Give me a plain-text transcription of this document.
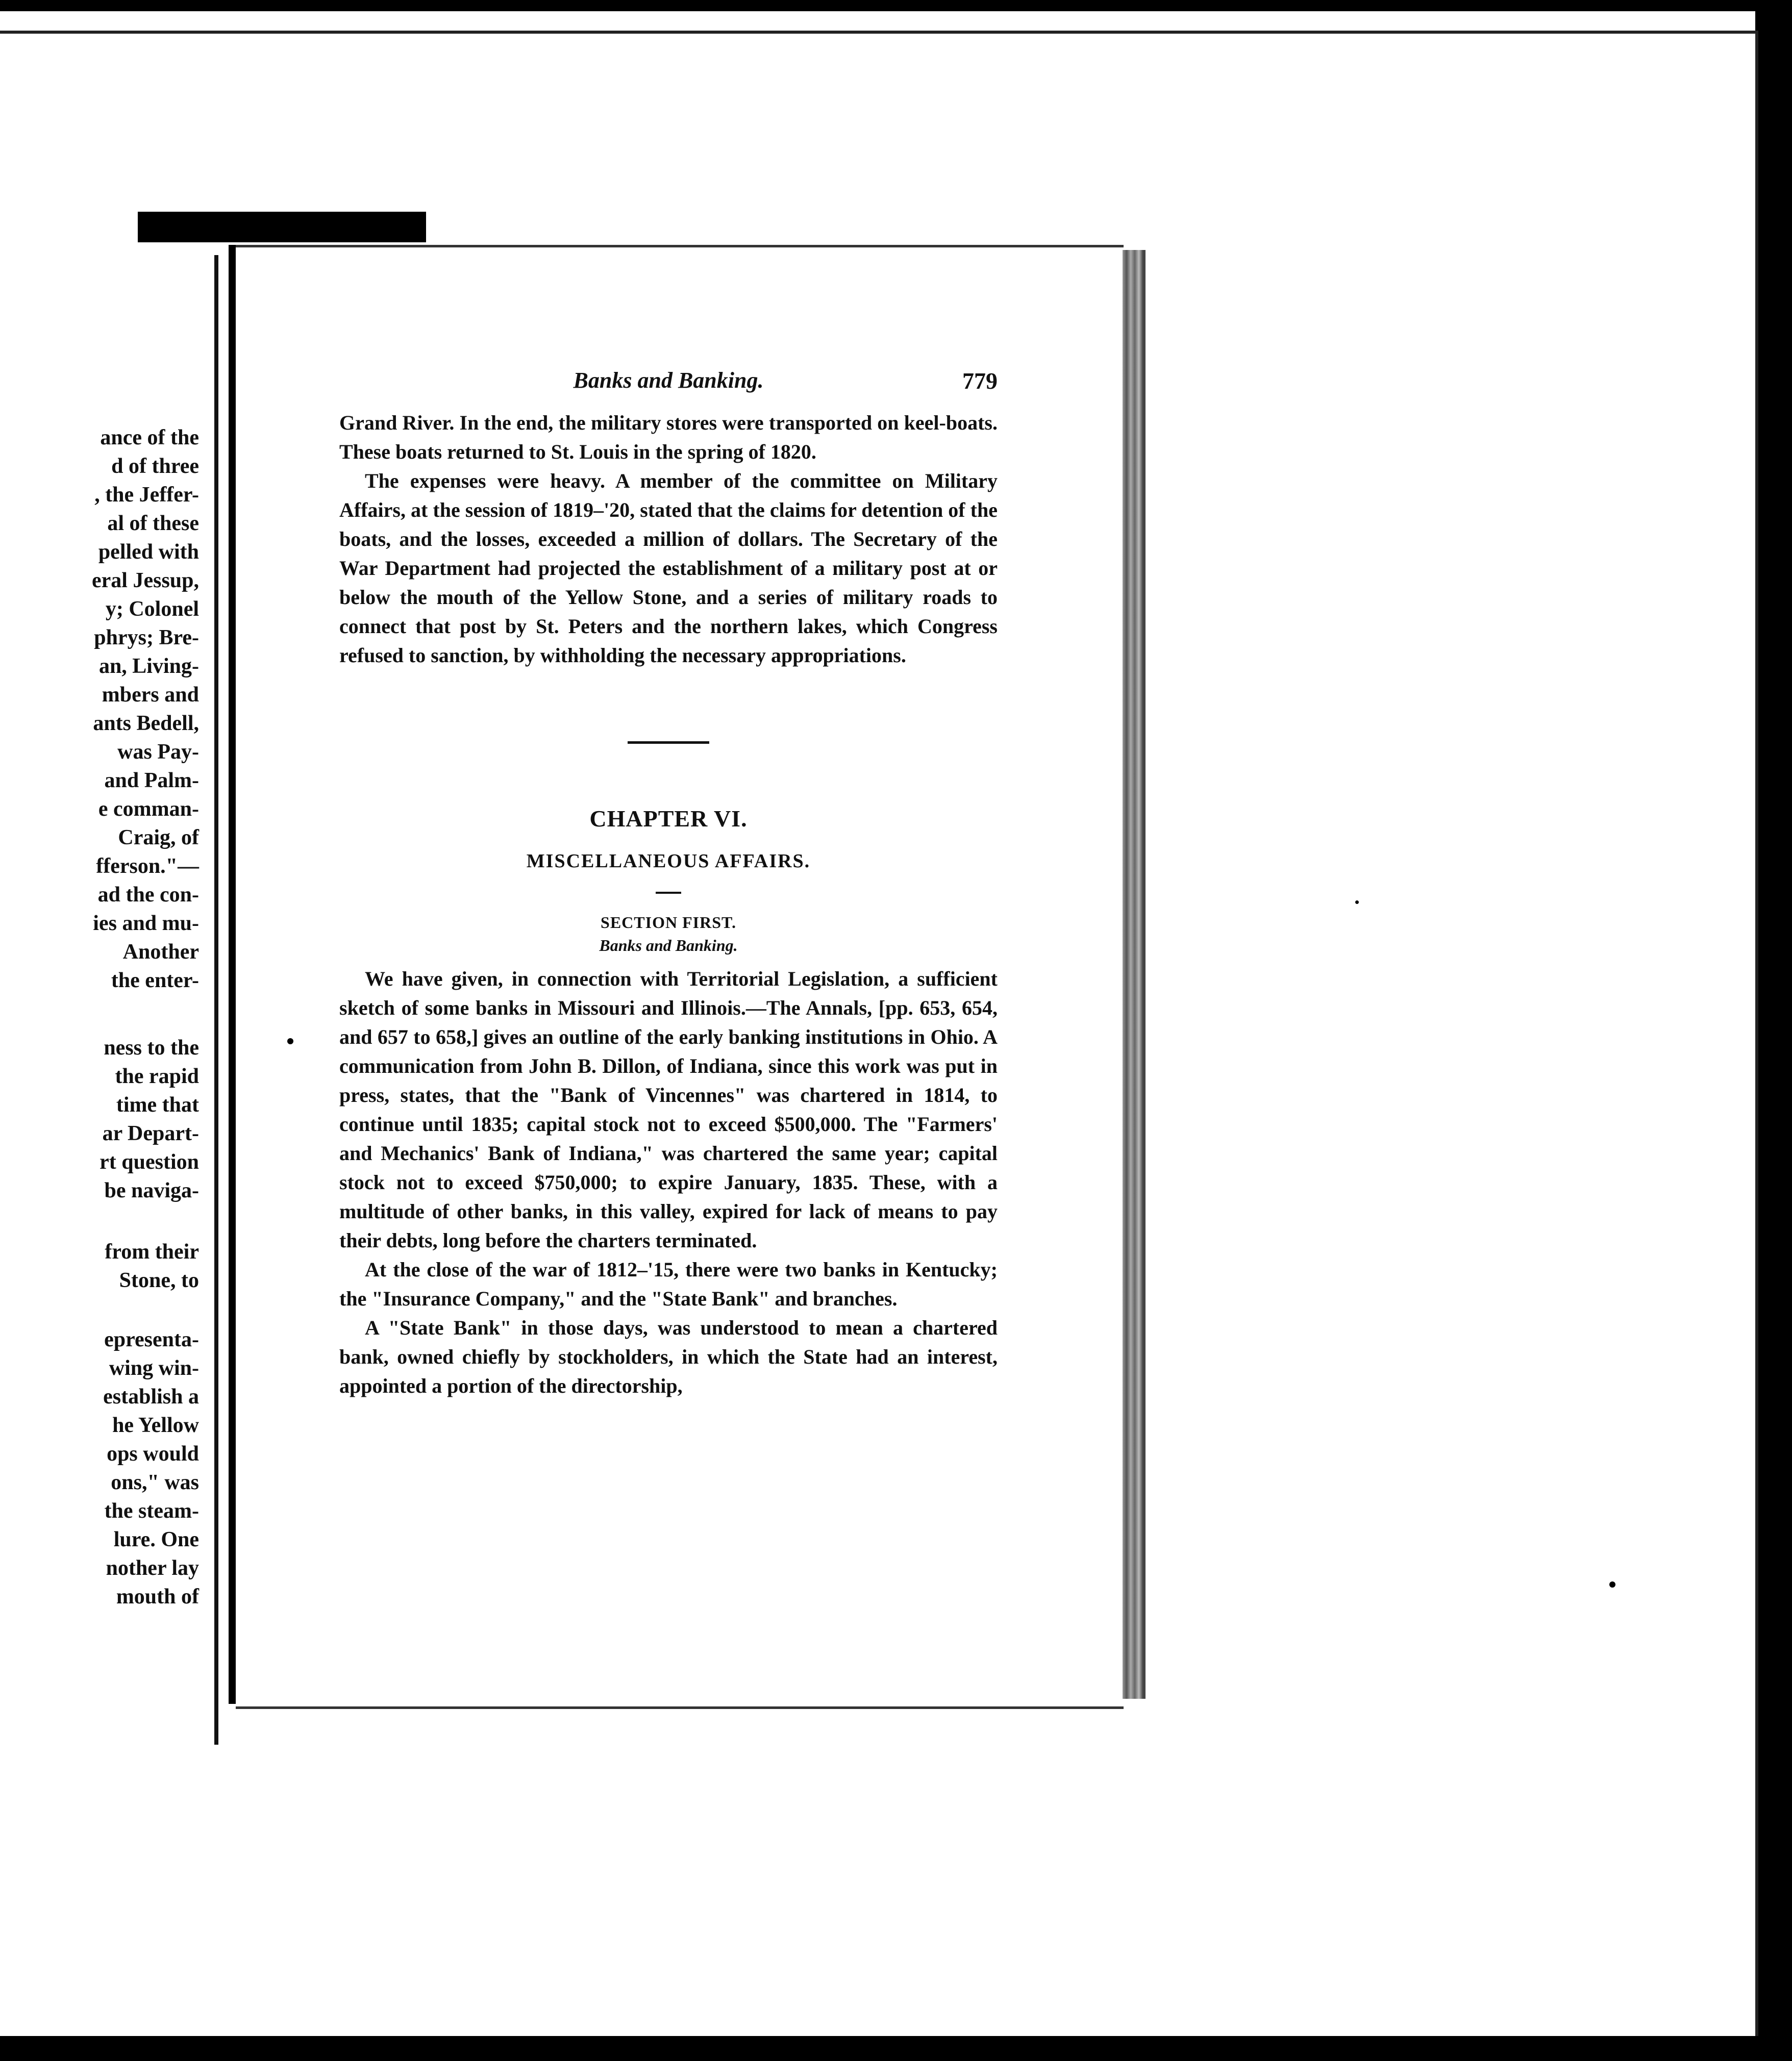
ance of the
d of three
, the Jeffer-
al of these
pelled with
eral Jessup,
y; Colonel
phrys; Bre-
an, Living-
mbers and
ants Bedell,
was Pay-
and Palm-
e comman-
Craig, of
fferson."—
ad the con-
ies and mu-
Another
the enter-
ness to the
the rapid
time that
ar Depart-
rt question
be naviga-
from their
Stone, to
epresenta-
wing win-
establish a
he Yellow
ops would
ons," was
the steam-
lure. One
nother lay
mouth of
Banks and Banking.	779

Grand River. In the end, the military stores were transported on keel-boats. These boats returned to St. Louis in the spring of 1820.

The expenses were heavy. A member of the committee on Military Affairs, at the session of 1819–'20, stated that the claims for detention of the boats, and the losses, exceeded a million of dollars. The Secretary of the War Department had projected the establishment of a military post at or below the mouth of the Yellow Stone, and a series of military roads to connect that post by St. Peters and the northern lakes, which Congress refused to sanction, by withholding the necessary appropriations.

CHAPTER VI.
MISCELLANEOUS AFFAIRS.
SECTION FIRST.
Banks and Banking.

We have given, in connection with Territorial Legislation, a sufficient sketch of some banks in Missouri and Illinois.—The Annals, [pp. 653, 654, and 657 to 658,] gives an outline of the early banking institutions in Ohio. A communication from John B. Dillon, of Indiana, since this work was put in press, states, that the "Bank of Vincennes" was chartered in 1814, to continue until 1835; capital stock not to exceed $500,000. The "Farmers' and Mechanics' Bank of Indiana," was chartered the same year; capital stock not to exceed $750,000; to expire January, 1835. These, with a multitude of other banks, in this valley, expired for lack of means to pay their debts, long before the charters terminated.

At the close of the war of 1812–'15, there were two banks in Kentucky; the "Insurance Company," and the "State Bank" and branches.

A "State Bank" in those days, was understood to mean a chartered bank, owned chiefly by stockholders, in which the State had an interest, appointed a portion of the directorship,
